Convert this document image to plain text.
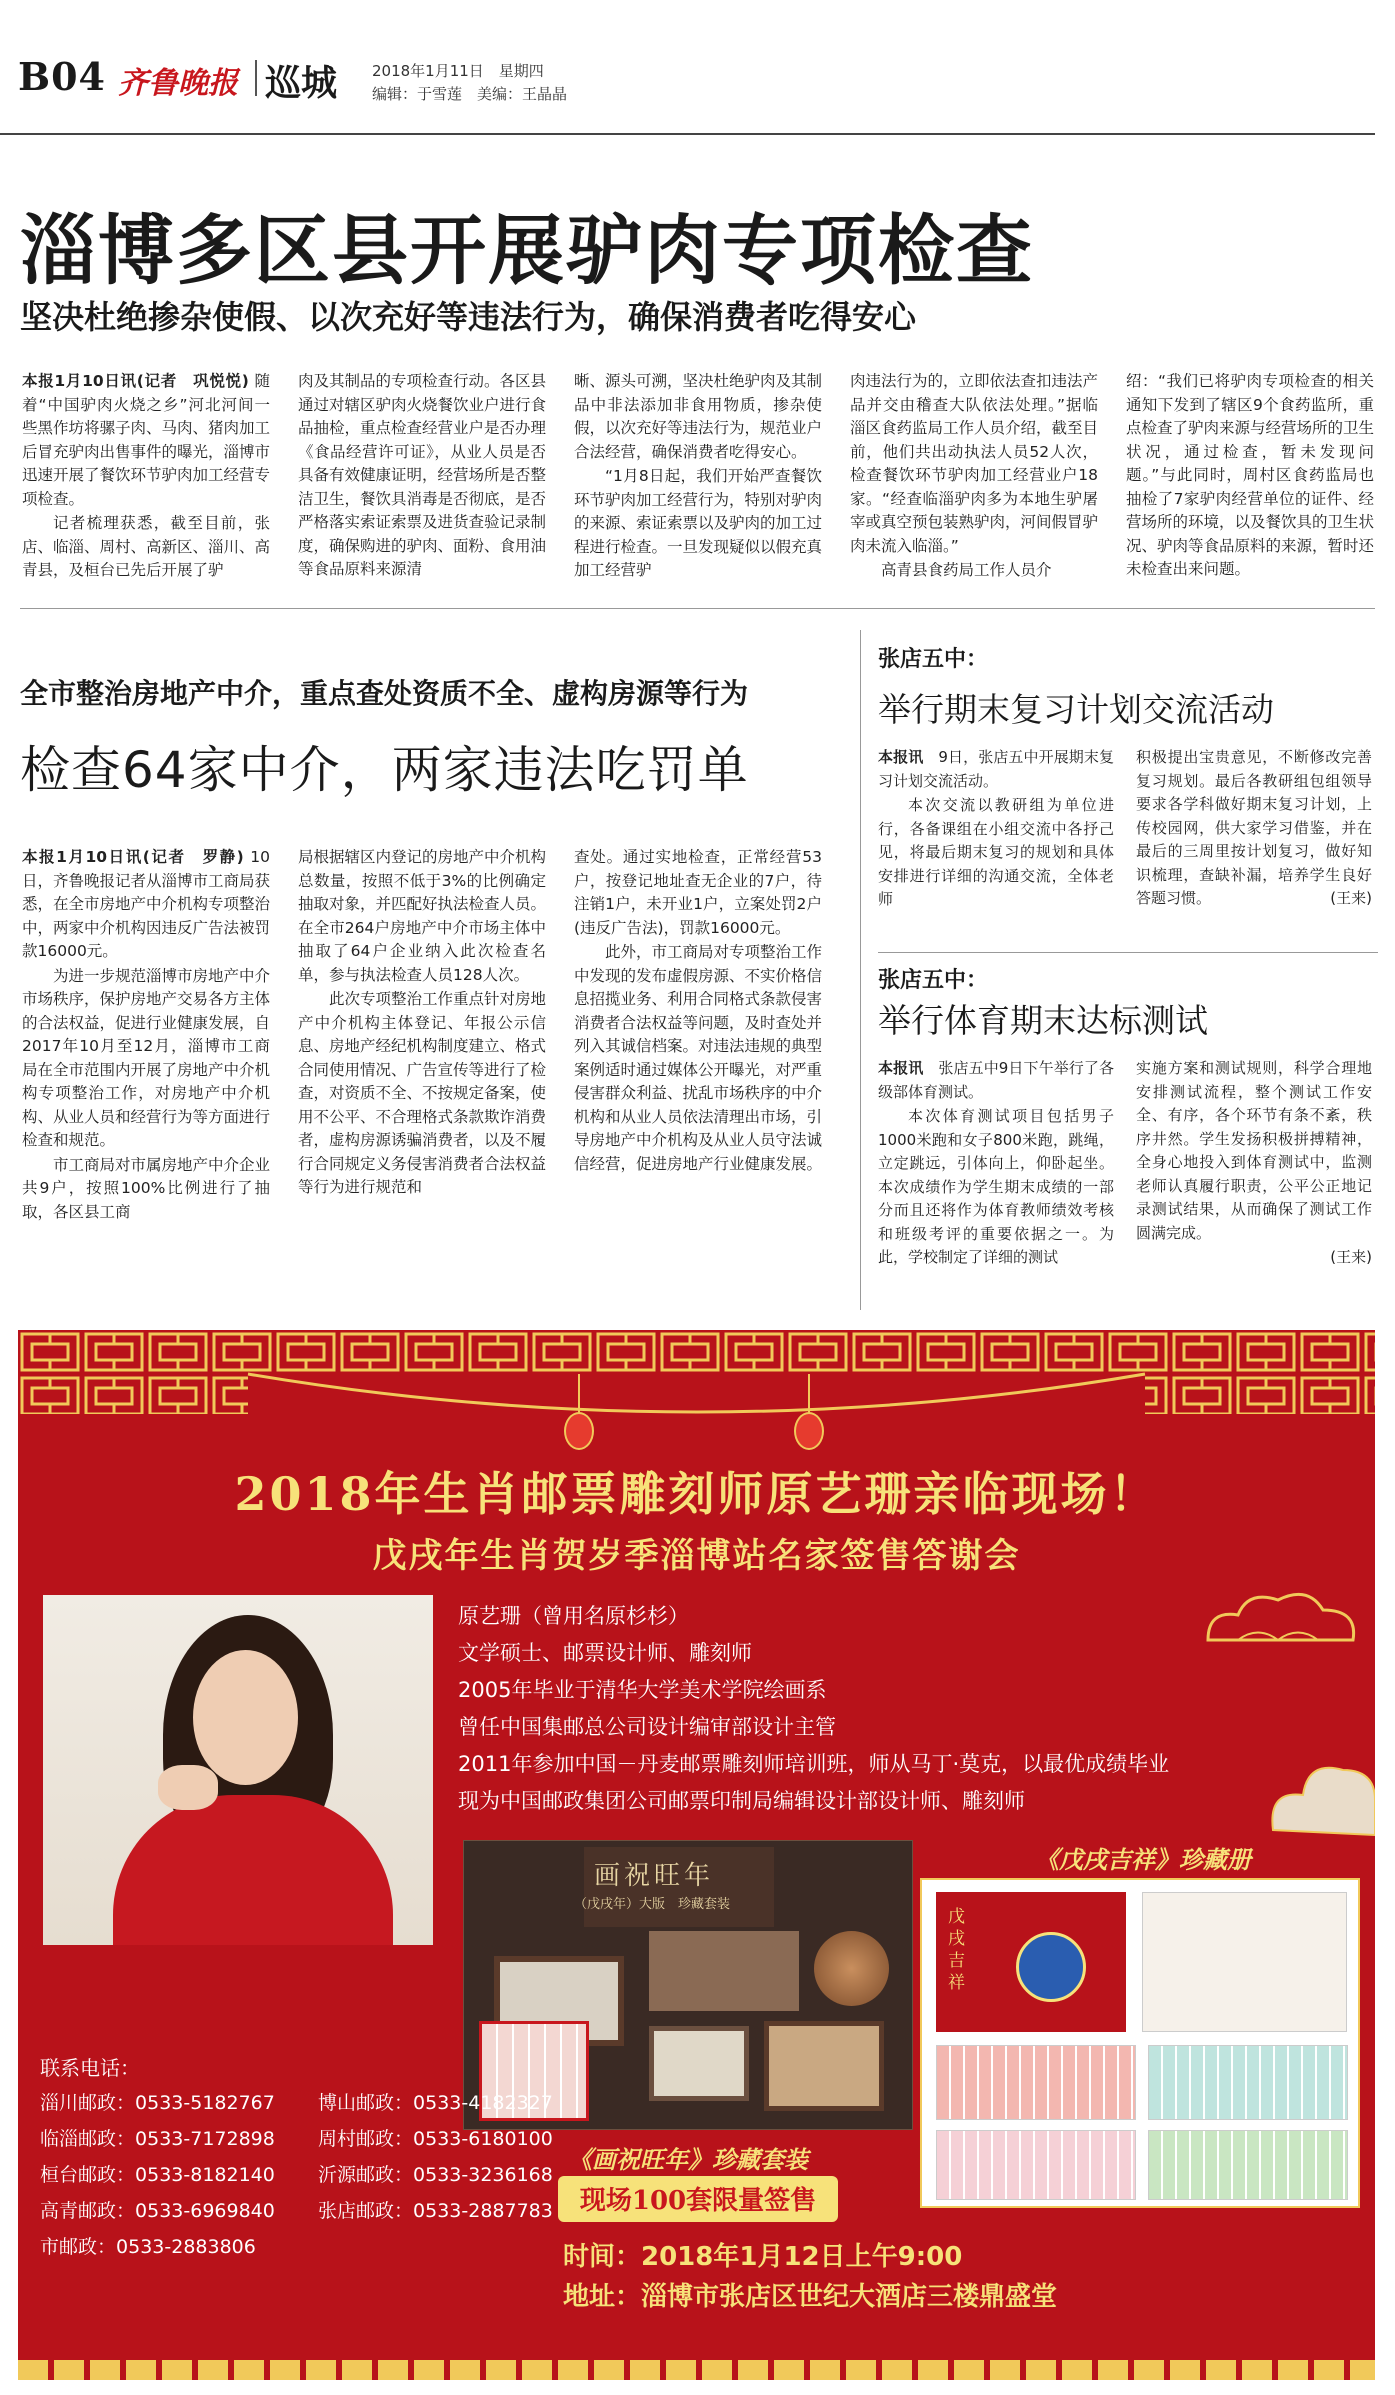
B04 齐鲁晚报 巡城 2018年1月11日　星期四
编辑：于雪莲　美编：王晶晶
淄博多区县开展驴肉专项检查
坚决杜绝掺杂使假、以次充好等违法行为，确保消费者吃得安心

本报1月10日讯(记者　巩悦悦) 随着“中国驴肉火烧之乡”河北河间一些黑作坊将骡子肉、马肉、猪肉加工后冒充驴肉出售事件的曝光，淄博市迅速开展了餐饮环节驴肉加工经营专项检查。

记者梳理获悉，截至目前，张店、临淄、周村、高新区、淄川、高青县，及桓台已先后开展了驴

肉及其制品的专项检查行动。各区县通过对辖区驴肉火烧餐饮业户进行食品抽检，重点检查经营业户是否办理《食品经营许可证》，从业人员是否具备有效健康证明，经营场所是否整洁卫生，餐饮具消毒是否彻底，是否严格落实索证索票及进货查验记录制度，确保购进的驴肉、面粉、食用油等食品原料来源清

晰、源头可溯，坚决杜绝驴肉及其制品中非法添加非食用物质，掺杂使假，以次充好等违法行为，规范业户合法经营，确保消费者吃得安心。

“1月8日起，我们开始严查餐饮环节驴肉加工经营行为，特别对驴肉的来源、索证索票以及驴肉的加工过程进行检查。一旦发现疑似以假充真加工经营驴

肉违法行为的，立即依法查扣违法产品并交由稽查大队依法处理。”据临淄区食药监局工作人员介绍，截至目前，他们共出动执法人员52人次，检查餐饮环节驴肉加工经营业户18家。“经查临淄驴肉多为本地生驴屠宰或真空预包装熟驴肉，河间假冒驴肉未流入临淄。”

高青县食药局工作人员介

绍：“我们已将驴肉专项检查的相关通知下发到了辖区9个食药监所，重点检查了驴肉来源与经营场所的卫生状况，通过检查，暂未发现问题。”与此同时，周村区食药监局也抽检了7家驴肉经营单位的证件、经营场所的环境，以及餐饮具的卫生状况、驴肉等食品原料的来源，暂时还未检查出来问题。

全市整治房地产中介，重点查处资质不全、虚构房源等行为
检查64家中介，两家违法吃罚单

本报1月10日讯(记者　罗静) 10日，齐鲁晚报记者从淄博市工商局获悉，在全市房地产中介机构专项整治中，两家中介机构因违反广告法被罚款16000元。

为进一步规范淄博市房地产中介市场秩序，保护房地产交易各方主体的合法权益，促进行业健康发展，自2017年10月至12月，淄博市工商局在全市范围内开展了房地产中介机构专项整治工作，对房地产中介机构、从业人员和经营行为等方面进行检查和规范。

市工商局对市属房地产中介企业共9户，按照100%比例进行了抽取，各区县工商

局根据辖区内登记的房地产中介机构总数量，按照不低于3%的比例确定抽取对象，并匹配好执法检查人员。在全市264户房地产中介市场主体中抽取了64户企业纳入此次检查名单，参与执法检查人员128人次。

此次专项整治工作重点针对房地产中介机构主体登记、年报公示信息、房地产经纪机构制度建立、格式合同使用情况、广告宣传等进行了检查，对资质不全、不按规定备案，使用不公平、不合理格式条款欺诈消费者，虚构房源诱骗消费者，以及不履行合同规定义务侵害消费者合法权益等行为进行规范和

查处。通过实地检查，正常经营53户，按登记地址查无企业的7户，待注销1户，未开业1户，立案处罚2户(违反广告法)，罚款16000元。

此外，市工商局对专项整治工作中发现的发布虚假房源、不实价格信息招揽业务、利用合同格式条款侵害消费者合法权益等问题，及时查处并列入其诚信档案。对违法违规的典型案例适时通过媒体公开曝光，对严重侵害群众利益、扰乱市场秩序的中介机构和从业人员依法清理出市场，引导房地产中介机构及从业人员守法诚信经营，促进房地产行业健康发展。

张店五中：
举行期末复习计划交流活动

本报讯　 9日，张店五中开展期末复习计划交流活动。

本次交流以教研组为单位进行，各备课组在小组交流中各抒己见，将最后期末复习的规划和具体安排进行详细的沟通交流，全体老师

积极提出宝贵意见，不断修改完善复习规划。最后各教研组包组领导要求各学科做好期末复习计划，上传校园网，供大家学习借鉴，并在最后的三周里按计划复习，做好知识梳理，查缺补漏，培养学生良好答题习惯。	(王来)

张店五中：
举行体育期末达标测试

本报讯　 张店五中9日下午举行了各级部体育测试。

本次体育测试项目包括男子1000米跑和女子800米跑，跳绳，立定跳远，引体向上，仰卧起坐。本次成绩作为学生期末成绩的一部分而且还将作为体育教师绩效考核和班级考评的重要依据之一。为此，学校制定了详细的测试

实施方案和测试规则，科学合理地安排测试流程，整个测试工作安全、有序，各个环节有条不紊，秩序井然。学生发扬积极拼搏精神，全身心地投入到体育测试中，监测老师认真履行职责，公平公正地记录测试结果，从而确保了测试工作圆满完成。

(王来)

2018年生肖邮票雕刻师原艺珊亲临现场！
戊戌年生肖贺岁季淄博站名家签售答谢会
原艺珊（曾用名原杉杉）
文学硕士、邮票设计师、雕刻师
2005年毕业于清华大学美术学院绘画系
曾任中国集邮总公司设计编审部设计主管
2011年参加中国－丹麦邮票雕刻师培训班，师从马丁·莫克，以最优成绩毕业
现为中国邮政集团公司邮票印制局编辑设计部设计师、雕刻师
画祝旺年
（戊戌年）大版　珍藏套装
《画祝旺年》珍藏套装
现场100套限量签售
《戊戌吉祥》珍藏册
戊戌吉祥
联系电话：
淄川邮政：0533-5182767
临淄邮政：0533-7172898
桓台邮政：0533-8182140
高青邮政：0533-6969840
市邮政：0533-2883806
博山邮政：0533-4182327
周村邮政：0533-6180100
沂源邮政：0533-3236168
张店邮政：0533-2887783
时间：2018年1月12日上午9:00
地址：淄博市张店区世纪大酒店三楼鼎盛堂
